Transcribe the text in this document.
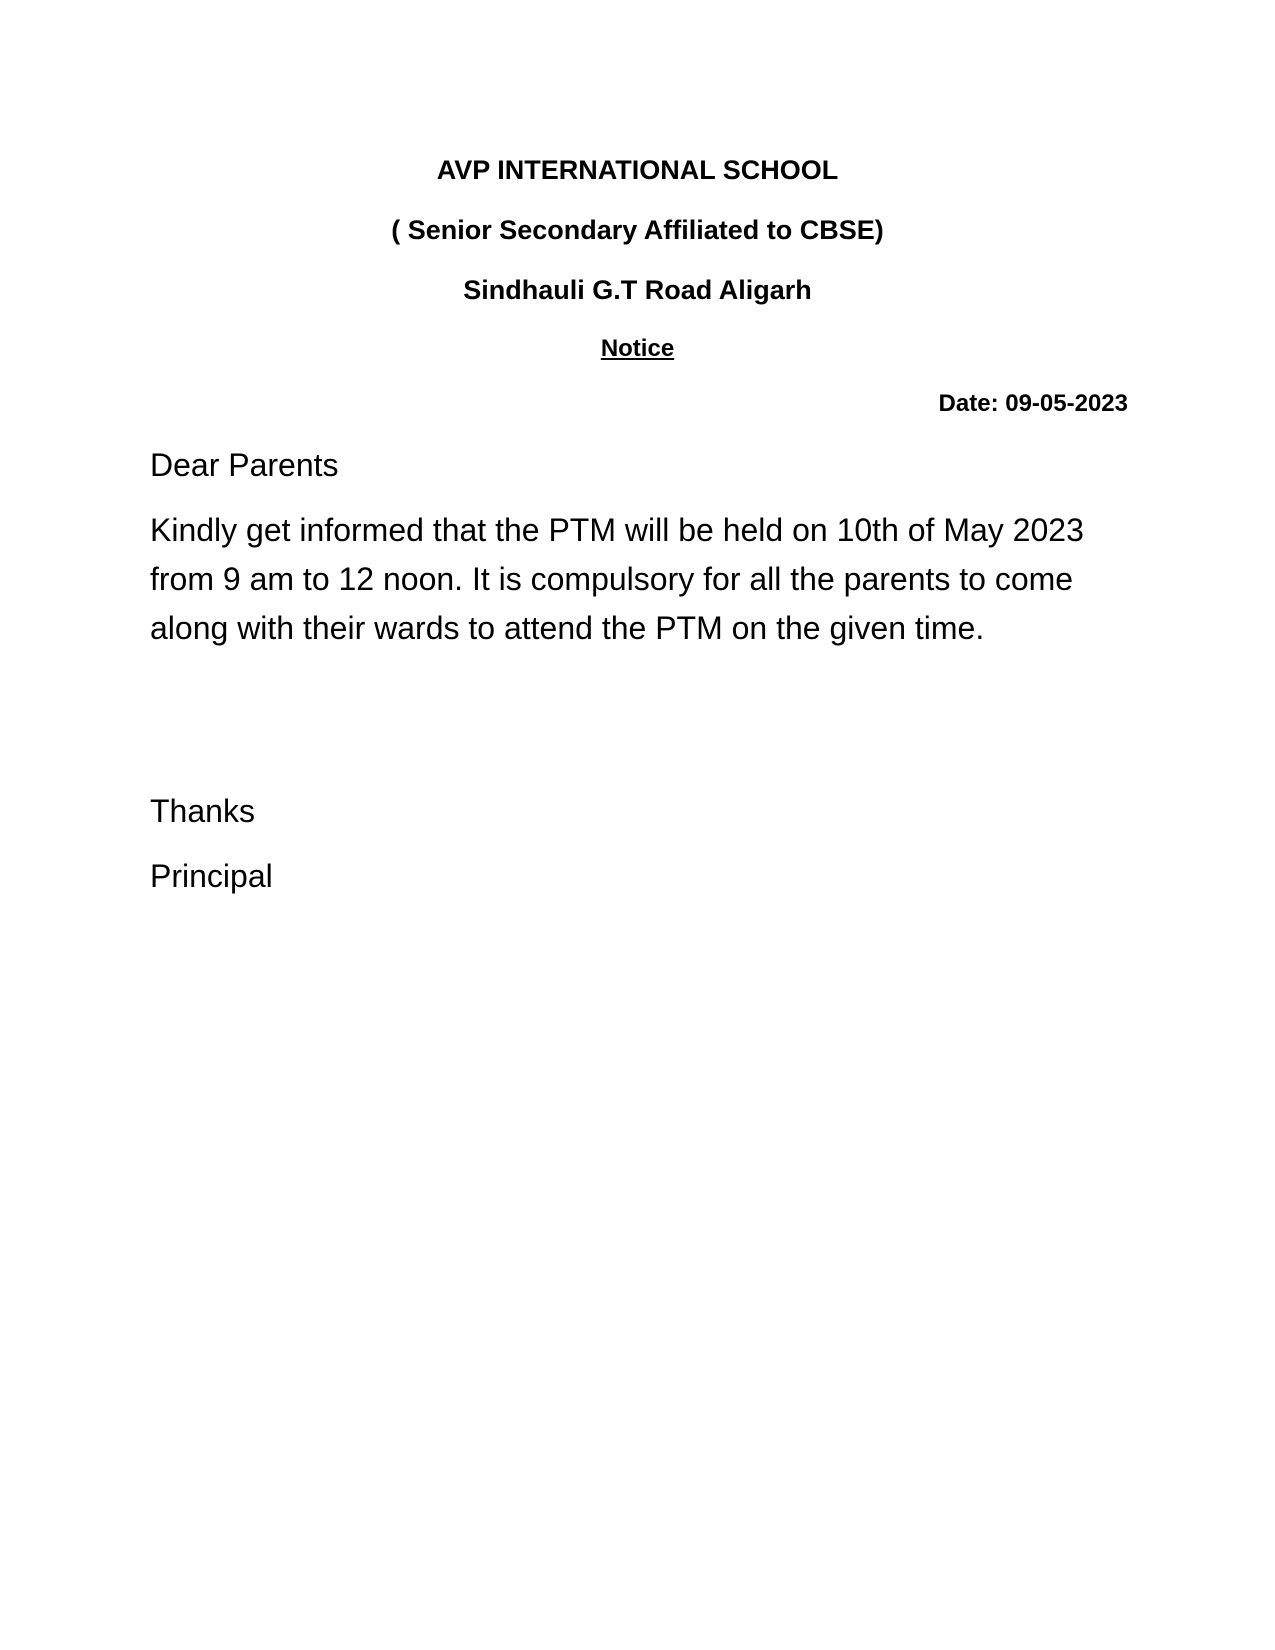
AVP INTERNATIONAL SCHOOL
( Senior Secondary Affiliated to CBSE)
Sindhauli G.T Road Aligarh
Notice
Date: 09-05-2023
Dear Parents
Kindly get informed that the PTM will be held on 10th of May 2023 from 9 am to 12 noon. It is compulsory for all the parents to come along with their wards to attend the PTM on the given time.
Thanks
Principal
